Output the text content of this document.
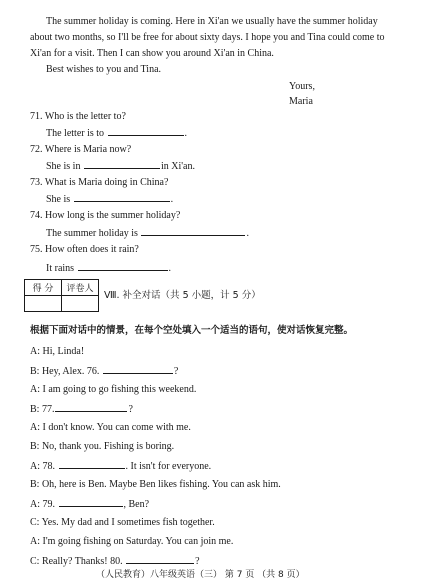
The summer holiday is coming. Here in Xi'an we usually have the summer holiday
about two months, so I'll be free for about sixty days. I hope you and Tina could come to
Xi'an for a visit. Then I can show you around Xi'an in China.
Best wishes to you and Tina.
Yours,
Maria
71. Who is the letter to?
The letter is to	.
72. Where is Maria now?
She is in	in Xi'an.
73. What is Maria doing in China?
She is	.
74. How long is the summer holiday?
The summer holiday is	.
75. How often does it rain?
It rains	.
得 分	评卷人

Ⅷ. 补全对话（共 5 小题，计 5 分）
根据下面对话中的情景，在每个空处填入一个适当的语句，使对话恢复完整。
A: Hi, Linda!
B: Hey, Alex. 76.	?
A: I am going to go fishing this weekend.
B: 77.	?
A: I don't know. You can come with me.
B: No, thank you. Fishing is boring.
A: 78.	. It isn't for everyone.
B: Oh, here is Ben. Maybe Ben likes fishing. You can ask him.
A: 79.	, Ben?
C: Yes. My dad and I sometimes fish together.
A: I'm going fishing on Saturday. You can join me.
C: Really? Thanks! 80.	?
（人民教育）八年级英语（三） 第 7 页 （共 8 页）
